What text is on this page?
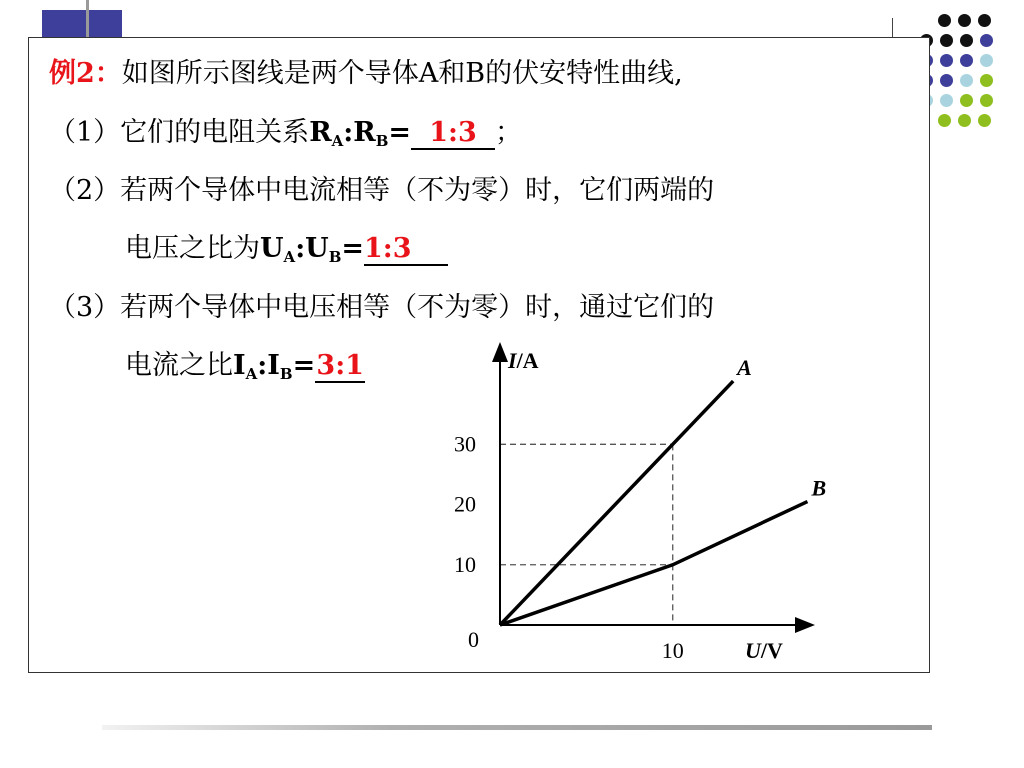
例2：如图所示图线是两个导体A和B的伏安特性曲线,
（1）它们的电阻关系$R_A:R_B=$ 1:3 ；
（2）若两个导体中电流相等（不为零）时，它们两端的
电压之比为$U_A:U_B=1:3$
（3）若两个导体中电压相等（不为零）时，通过它们的
电流之比$I_A:I_B=3:1$	A
B
10
20
30
10
0
I/A
U/V
